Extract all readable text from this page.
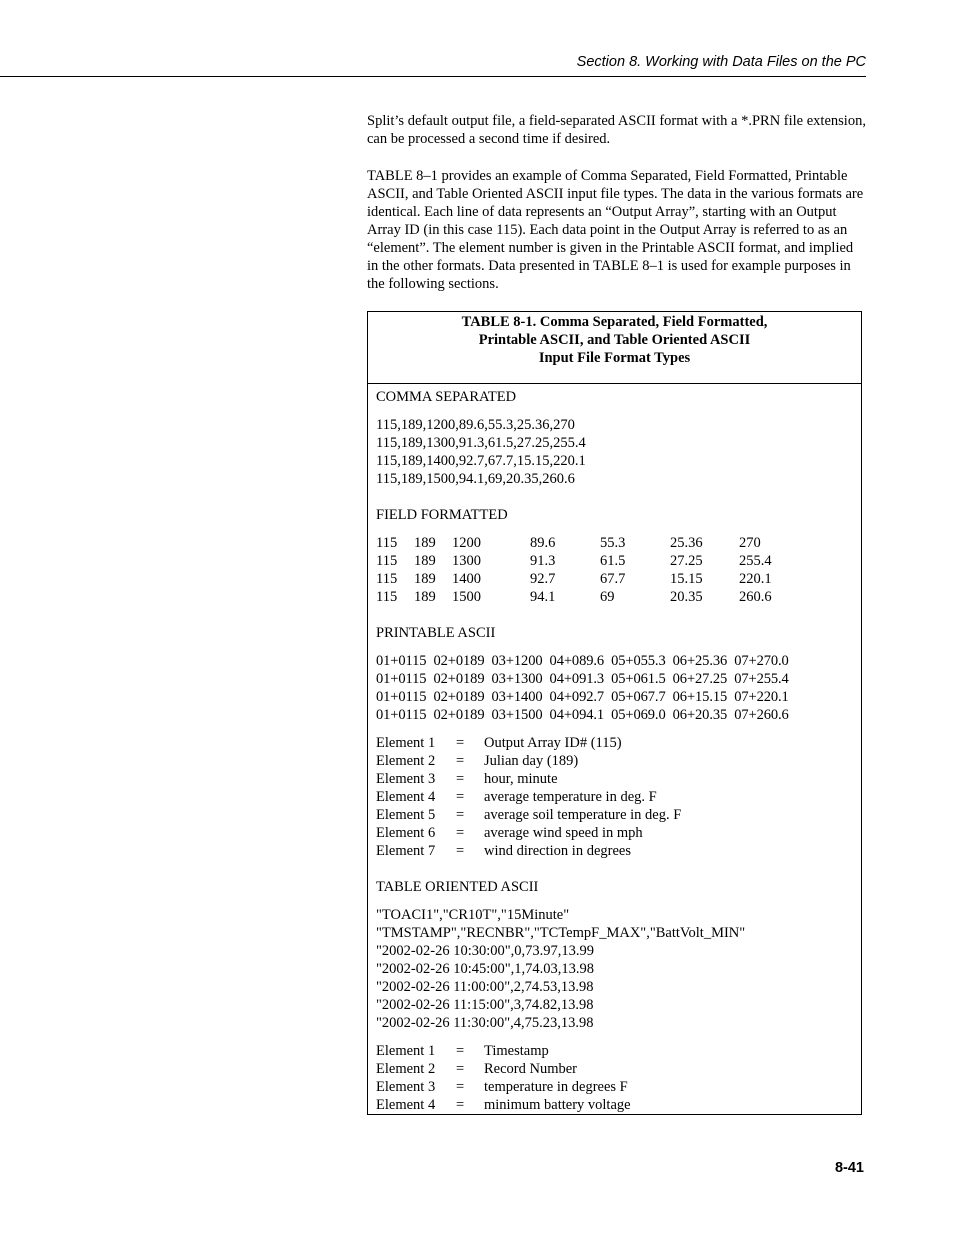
Section 8. Working with Data Files on the PC

Split’s default output file, a field-separated ASCII format with a *.PRN file extension, can be processed a second time if desired.

TABLE 8–1 provides an example of Comma Separated, Field Formatted, Printable ASCII, and Table Oriented ASCII input file types. The data in the various formats are identical. Each line of data represents an “Output Array”, starting with an Output Array ID (in this case 115). Each data point in the Output Array is referred to as an “element”. The element number is given in the Printable ASCII format, and implied in the other formats. Data presented in TABLE 8–1 is used for example purposes in the following sections.

TABLE 8-1. Comma Separated, Field Formatted,
Printable ASCII, and Table Oriented ASCII
Input File Format Types
COMMA SEPARATED
115,189,1200,89.6,55.3,25.36,270
115,189,1300,91.3,61.5,27.25,255.4
115,189,1400,92.7,67.7,15.15,220.1
115,189,1500,94.1,69,20.35,260.6
FIELD FORMATTED
115	189	1200	89.6	55.3	25.36	270
115	189	1300	91.3	61.5	27.25	255.4
115	189	1400	92.7	67.7	15.15	220.1
115	189	1500	94.1	69	20.35	260.6
PRINTABLE ASCII
01+0115  02+0189  03+1200  04+089.6  05+055.3  06+25.36  07+270.0
01+0115  02+0189  03+1300  04+091.3  05+061.5  06+27.25  07+255.4
01+0115  02+0189  03+1400  04+092.7  05+067.7  06+15.15  07+220.1
01+0115  02+0189  03+1500  04+094.1  05+069.0  06+20.35  07+260.6
Element 1	=	Output Array ID# (115)
Element 2	=	Julian day (189)
Element 3	=	hour, minute
Element 4	=	average temperature in deg. F
Element 5	=	average soil temperature in deg. F
Element 6	=	average wind speed in mph
Element 7	=	wind direction in degrees
TABLE ORIENTED ASCII
"TOACI1","CR10T","15Minute"
"TMSTAMP","RECNBR","TCTempF_MAX","BattVolt_MIN"
"2002-02-26 10:30:00",0,73.97,13.99
"2002-02-26 10:45:00",1,74.03,13.98
"2002-02-26 11:00:00",2,74.53,13.98
"2002-02-26 11:15:00",3,74.82,13.98
"2002-02-26 11:30:00",4,75.23,13.98
Element 1	=	Timestamp
Element 2	=	Record Number
Element 3	=	temperature in degrees F
Element 4	=	minimum battery voltage
8-41
